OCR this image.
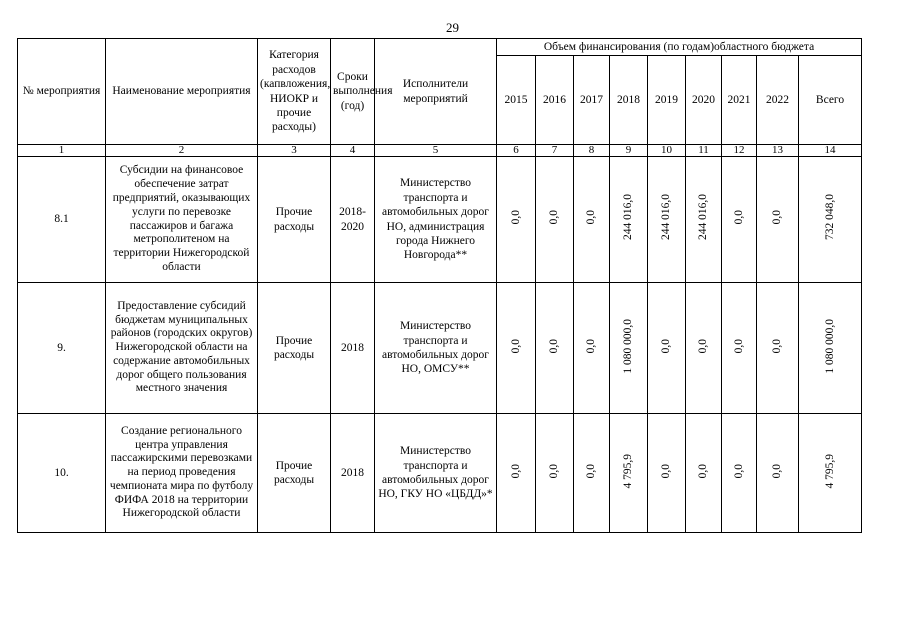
29
№ мероприятия	Наименование мероприятия	Категория расходов (капвложения, НИОКР и прочие расходы)	Сроки выполнения (год)	Исполнители мероприятий	Объем финансирования (по годам)областного бюджета								
					2015	2016	2017	2018	2019	2020	2021	2022	Всего
1	2	3	4	5	6	7	8	9	10	11	12	13	14
8.1	Субсидии на финансовое обеспечение затрат предприятий, оказывающих услуги по перевозке пассажиров и багажа метрополитеном на территории Нижегородской области	Прочие расходы	2018-2020	Министерство транспорта и автомобильных дорог НО, администрация города Нижнего Новгорода**	0,0	0,0	0,0	244 016,0	244 016,0	244 016,0	0,0	0,0	732 048,0
9.	Предоставление субсидий бюджетам муниципальных районов (городских округов) Нижегородской области на содержание автомобильных дорог общего пользования местного значения	Прочие расходы	2018	Министерство транспорта и автомобильных дорог НО, ОМСУ**	0,0	0,0	0,0	1 080 000,0	0,0	0,0	0,0	0,0	1 080 000,0
10.	Создание регионального центра управления пассажирскими перевозками на период проведения чемпионата мира по футболу ФИФА 2018 на территории Нижегородской области	Прочие расходы	2018	Министерство транспорта и автомобильных дорог НО, ГКУ НО «ЦБДД»*	0,0	0,0	0,0	4 795,9	0,0	0,0	0,0	0,0	4 795,9
